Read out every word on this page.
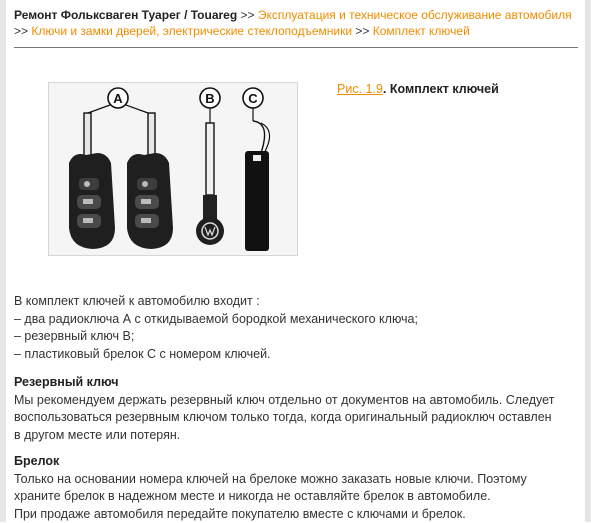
Ремонт Фольксваген Туарег / Touareg >> Эксплуатация и техническое обслуживание автомобиля >> Ключи и замки дверей, электрические стеклоподъемники >> Комплект ключей
A	B	C
Рис. 1.9. Комплект ключей
В комплект ключей к автомобилю входит :
– два радиоключа А с откидываемой бородкой механического ключа;
– резервный ключ В;
– пластиковый брелок С с номером ключей.
Резервный ключ
Мы рекомендуем держать резервный ключ отдельно от документов на автомобиль. Следует
воспользоваться резервным ключом только тогда, когда оригинальный радиоключ оставлен
в другом месте или потерян.
Брелок
Только на основании номера ключей на брелоке можно заказать новые ключи. Поэтому
храните брелок в надежном месте и никогда не оставляйте брелок в автомобиле.
При продаже автомобиля передайте покупателю вместе с ключами и брелок.
